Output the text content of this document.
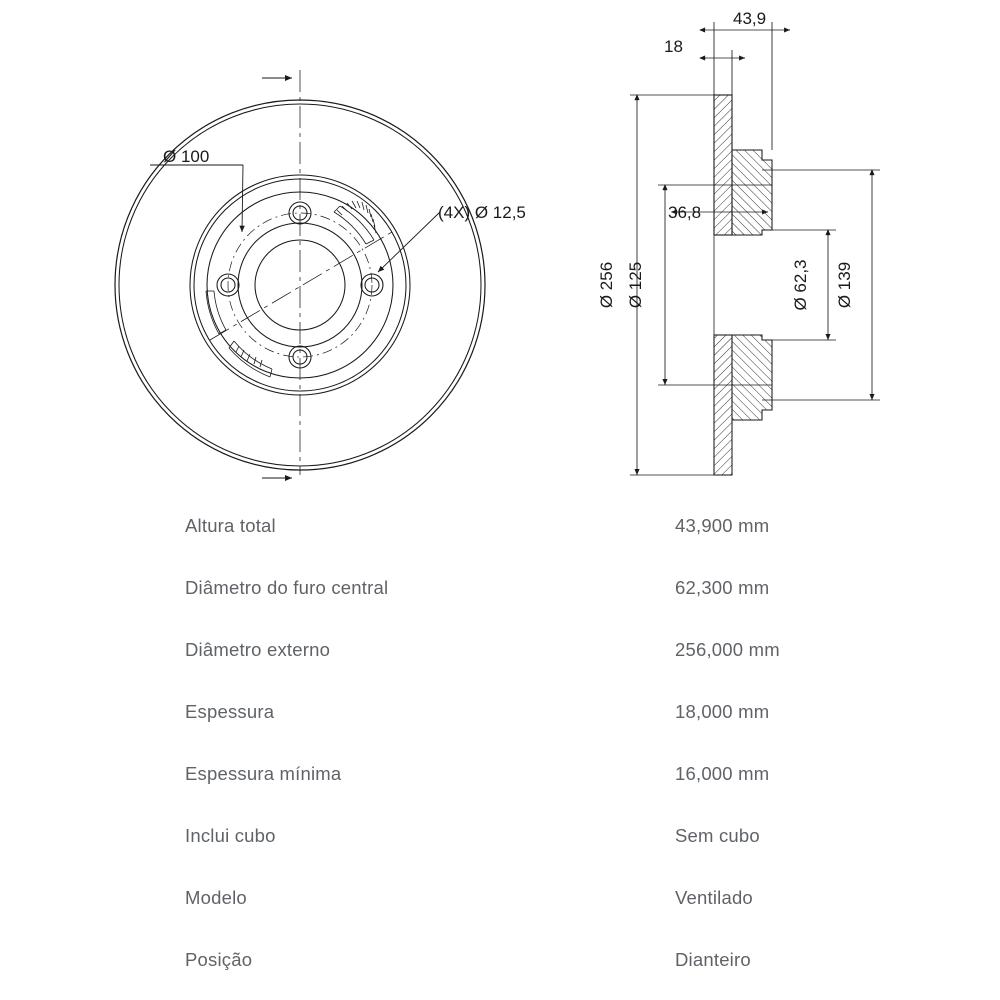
Ø 100
(4X) Ø 12,5
43,9
18
36,8
Ø 256 Ø 125	Ø 62,3 Ø 139
Altura total	43,900 mm
Diâmetro do furo central	62,300 mm
Diâmetro externo	256,000 mm
Espessura	18,000 mm
Espessura mínima	16,000 mm
Inclui cubo	Sem cubo
Modelo	Ventilado
Posição	Dianteiro
